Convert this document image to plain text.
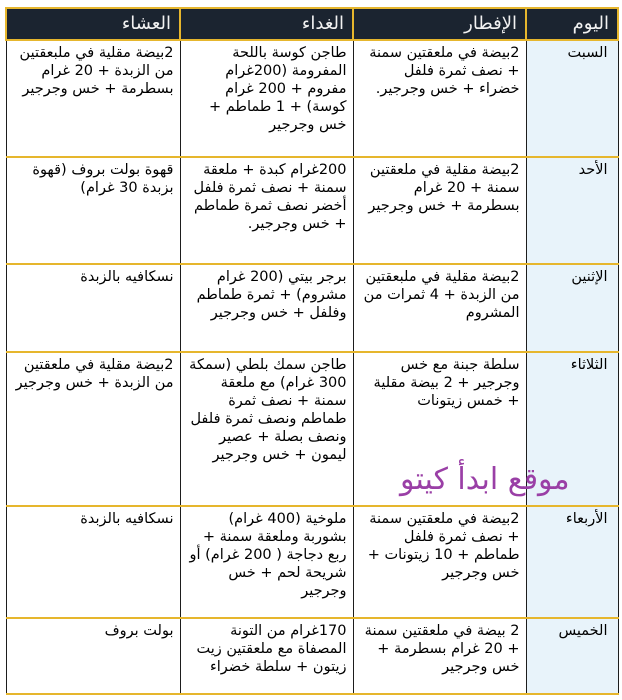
اليوم	الإفطار	الغداء	العشاء
السبت	2بيضة في ملعقتين سمنة + نصف ثمرة فلفل خضراء + خس وجرجير.	طاجن كوسة باللحة المفرومة (200غرام مفروم + 200 غرام كوسة) + 1 طماطم + خس وجرجير	2بيضة مقلية في ملبعقتين من الزبدة + 20 غرام بسطرمة + خس وجرجير
الأحد	2بيضة مقلية في ملعقتين سمنة + 20 غرام بسطرمة + خس وجرجير	200غرام كبدة + ملعقة سمنة + نصف ثمرة فلفل أخضر نصف ثمرة طماطم + خس وجرجير.	قهوة بولت بروف (قهوة بزبدة 30 غرام)
الإثنين	2بيضة مقلية في ملبعقتين من الزبدة + 4 ثمرات من المشروم	برجر بيتي (200 غرام مشروم) + ثمرة طماطم وفلفل + خس وجرجير	نسكافيه بالزبدة
الثلاثاء	سلطة جبنة مع خس وجرجير + 2 بيضة مقلية + خمس زيتونات	طاجن سمك بلطي (سمكة 300 غرام) مع ملعقة سمنة + نصف ثمرة طماطم ونصف ثمرة فلفل ونصف بصلة + عصير ليمون + خس وجرجير	2بيضة مقلية في ملعقتين من الزبدة + خس وجرجير
الأربعاء	2بيضة في ملعقتين سمنة + نصف ثمرة فلفل طماطم + 10 زيتونات + خس وجرجير	ملوخية (400 غرام) بشوربة وملعقة سمنة + ربع دجاجة ( 200 غرام) أو شريحة لحم + خس وجرجير	نسكافيه بالزبدة
الخميس	2 بيضة في ملعقتين سمنة + 20 غرام بسطرمة + خس وجرجير	170غرام من التونة المصفاة مع ملعقتين زيت زيتون + سلطة خضراء	بولت بروف
موقع ابدأ كيتو
